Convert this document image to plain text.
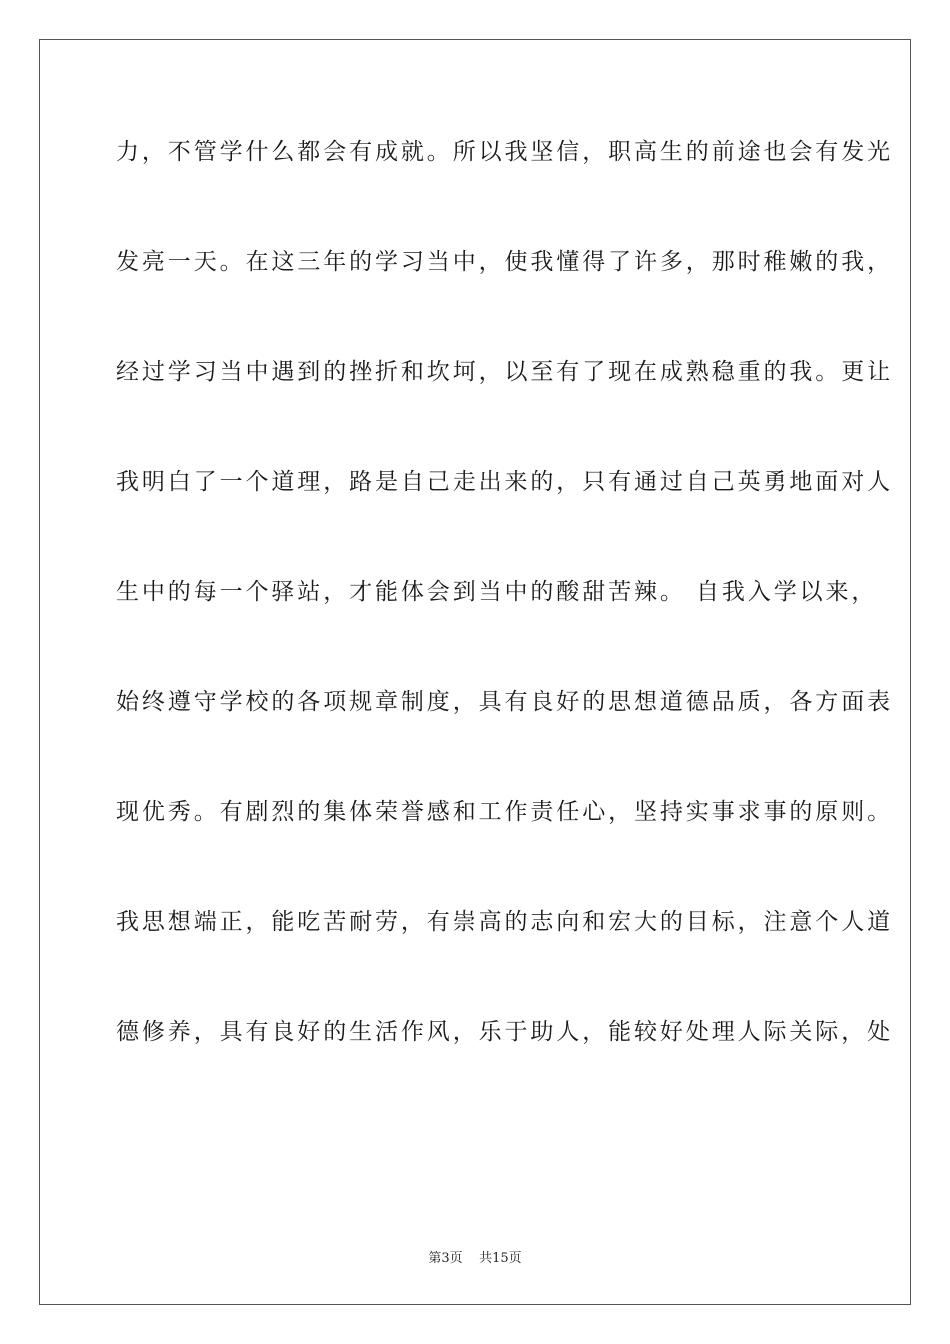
力，不管学什么都会有成就。所以我坚信，职高生的前途也会有发光
发亮一天。在这三年的学习当中，使我懂得了许多，那时稚嫩的我，
经过学习当中遇到的挫折和坎坷，以至有了现在成熟稳重的我。更让
我明白了一个道理，路是自己走出来的，只有通过自己英勇地面对人
生中的每一个驿站，才能体会到当中的酸甜苦辣。 自我入学以来，
始终遵守学校的各项规章制度，具有良好的思想道德品质，各方面表
现优秀。有剧烈的集体荣誉感和工作责任心，坚持实事求事的原则。
我思想端正，能吃苦耐劳，有崇高的志向和宏大的目标，注意个人道
德修养，具有良好的生活作风，乐于助人，能较好处理人际关际，处
第3页 共15页
